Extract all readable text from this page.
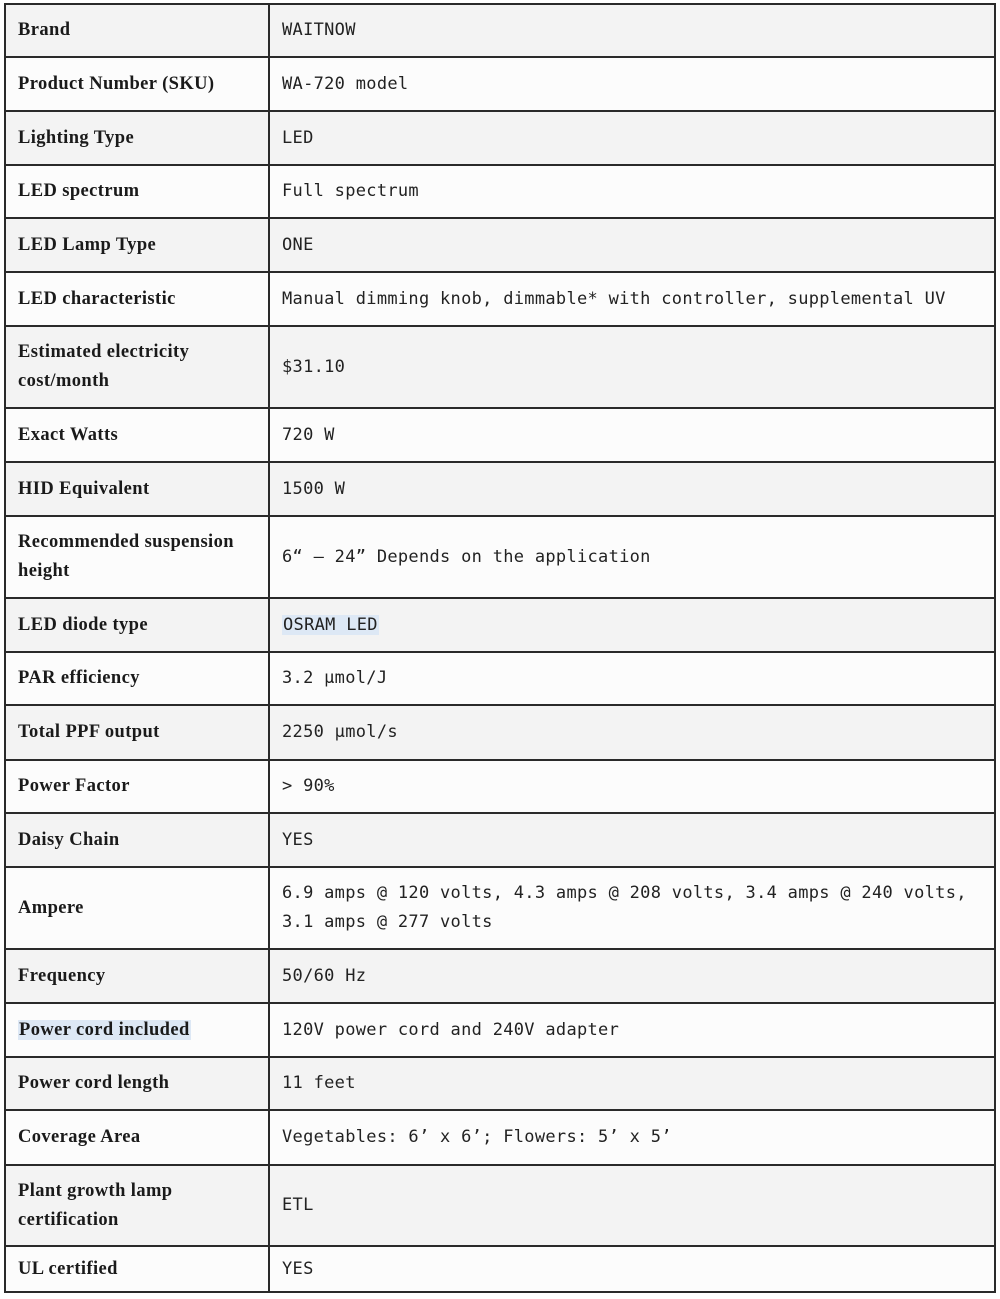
Brand	WAITNOW
Product Number (SKU)	WA-720 model
Lighting Type	LED
LED spectrum	Full spectrum
LED Lamp Type	ONE
LED characteristic	Manual dimming knob, dimmable* with controller, supplemental UV
Estimated electricity cost/month	$31.10
Exact Watts	720 W
HID Equivalent	1500 W
Recommended suspension height	6“ – 24” Depends on the application
LED diode type	OSRAM LED
PAR efficiency	3.2 μmol/J
Total PPF output	2250 μmol/s
Power Factor	> 90%
Daisy Chain	YES
Ampere	6.9 amps @ 120 volts, 4.3 amps @ 208 volts, 3.4 amps @ 240 volts, 3.1 amps @ 277 volts
Frequency	50/60 Hz
Power cord included	120V power cord and 240V adapter
Power cord length	11 feet
Coverage Area	Vegetables: 6’ x 6’; Flowers: 5’ x 5’
Plant growth lamp certification	ETL
UL certified	YES
